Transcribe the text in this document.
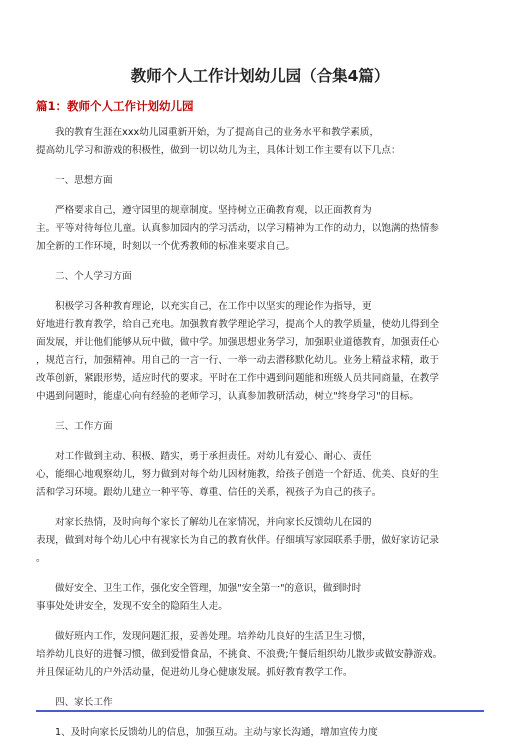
教师个人工作计划幼儿园（合集4篇）
篇1：教师个人工作计划幼儿园
我的教育生涯在xxx幼儿园重新开始，为了提高自己的业务水平和教学素质，
提高幼儿学习和游戏的积极性，做到一切以幼儿为主，具体计划工作主要有以下几点：
一、思想方面
严格要求自己，遵守园里的规章制度。坚持树立正确教育观，以正面教育为
主。平等对待每位儿童。认真参加园内的学习活动，以学习精神为工作的动力，以饱满的热情参
加全新的工作环境，时刻以一个优秀教师的标准来要求自己。
二、个人学习方面
积极学习各种教育理论，以充实自己，在工作中以坚实的理论作为指导，更
好地进行教育教学，给自己充电。加强教育教学理论学习，提高个人的教学质量，使幼儿得到全
面发展，并让他们能够从玩中做，做中学。加强思想业务学习，加强职业道德教育，加强责任心
，规范言行，加强精神。用自己的一言一行、一举一动去潜移默化幼儿。业务上精益求精，敢于
改革创新，紧跟形势，适应时代的要求。平时在工作中遇到问题能和班级人员共同商量，在教学
中遇到问题时，能虚心向有经验的老师学习，认真参加教研活动，树立"终身学习"的目标。
三、工作方面
对工作做到主动、积极、踏实，勇于承担责任。对幼儿有爱心、耐心、责任
心，能细心地观察幼儿，努力做到对每个幼儿因材施教，给孩子创造一个舒适、优美、良好的生
活和学习环境。跟幼儿建立一种平等、尊重、信任的关系，视孩子为自己的孩子。
对家长热情，及时向每个家长了解幼儿在家情况，并向家长反馈幼儿在园的
表现，做到对每个幼儿心中有视家长为自己的教育伙伴。仔细填写家园联系手册，做好家访记录
。
做好安全、卫生工作，强化安全管理，加强"安全第一"的意识，做到时时
事事处处讲安全，发现不安全的隐陌生人走。
做好班内工作，发现问题汇报，妥善处理。培养幼儿良好的生活卫生习惯，
培养幼儿良好的进餐习惯，做到爱惜食品，不挑食、不浪费;午餐后组织幼儿散步或做安静游戏。
并且保证幼儿的户外活动量，促进幼儿身心健康发展。抓好教育教学工作。
四、家长工作
1、及时向家长反馈幼儿的信息，加强互动。主动与家长沟通，增加宣传力度
